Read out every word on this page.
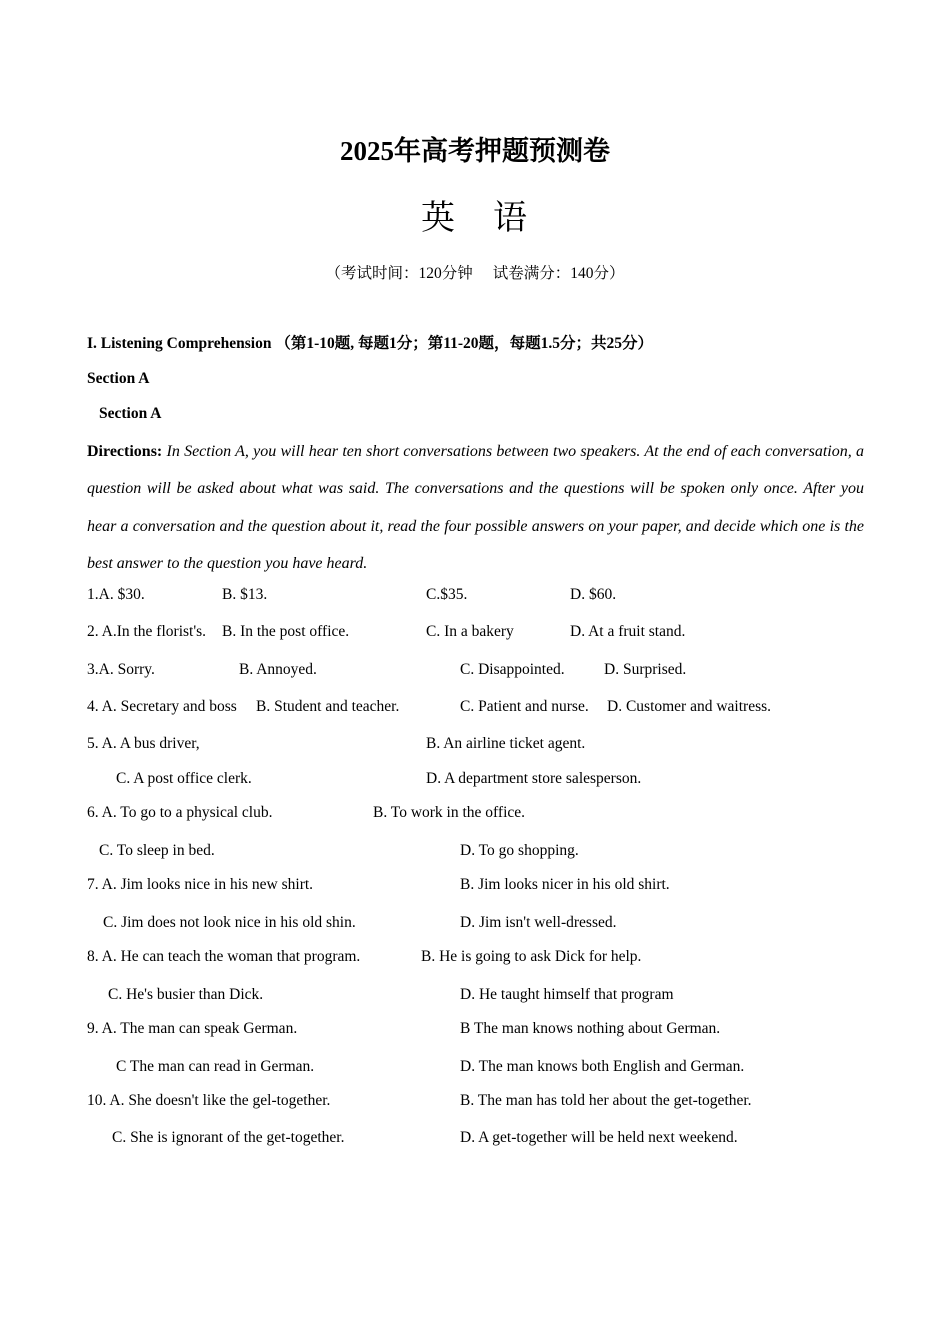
2025年高考押题预测卷
英 语
（考试时间：120分钟 试卷满分：140分）
I. Listening Comprehension （第1-10题, 每题1分；第11-20题，每题1.5分；共25分）
Section A
Section A
Directions: In Section A, you will hear ten short conversations between two speakers. At the end of each conversation, a question will be asked about what was said. The conversations and the questions will be spoken only once. After you hear a conversation and the question about it, read the four possible answers on your paper, and decide which one is the best answer to the question you have heard.
1.A. $30.	B. $13.	C.$35.	D. $60.
2. A.In the florist's. B. In the post office.	C. In a bakery	D. At a fruit stand.
3.A. Sorry.	B. Annoyed.	C. Disappointed.	D. Surprised.
4. A. Secretary and boss B. Student and teacher.	C. Patient and nurse. D. Customer and waitress.
5. A. A bus driver,	B. An airline ticket agent.
C. A post office clerk.	D. A department store salesperson.
6. A. To go to a physical club.	B. To work in the office.
C. To sleep in bed.	D. To go shopping.
7. A. Jim looks nice in his new shirt.	B. Jim looks nicer in his old shirt.
C. Jim does not look nice in his old shin.	D. Jim isn't well-dressed.
8. A. He can teach the woman that program.	B. He is going to ask Dick for help.
C. He's busier than Dick.	D. He taught himself that program
9. A. The man can speak German.	B The man knows nothing about German.
C The man can read in German.	D. The man knows both English and German.
10. A. She doesn't like the gel-together.	B. The man has told her about the get-together.
C. She is ignorant of the get-together.	D. A get-together will be held next weekend.
